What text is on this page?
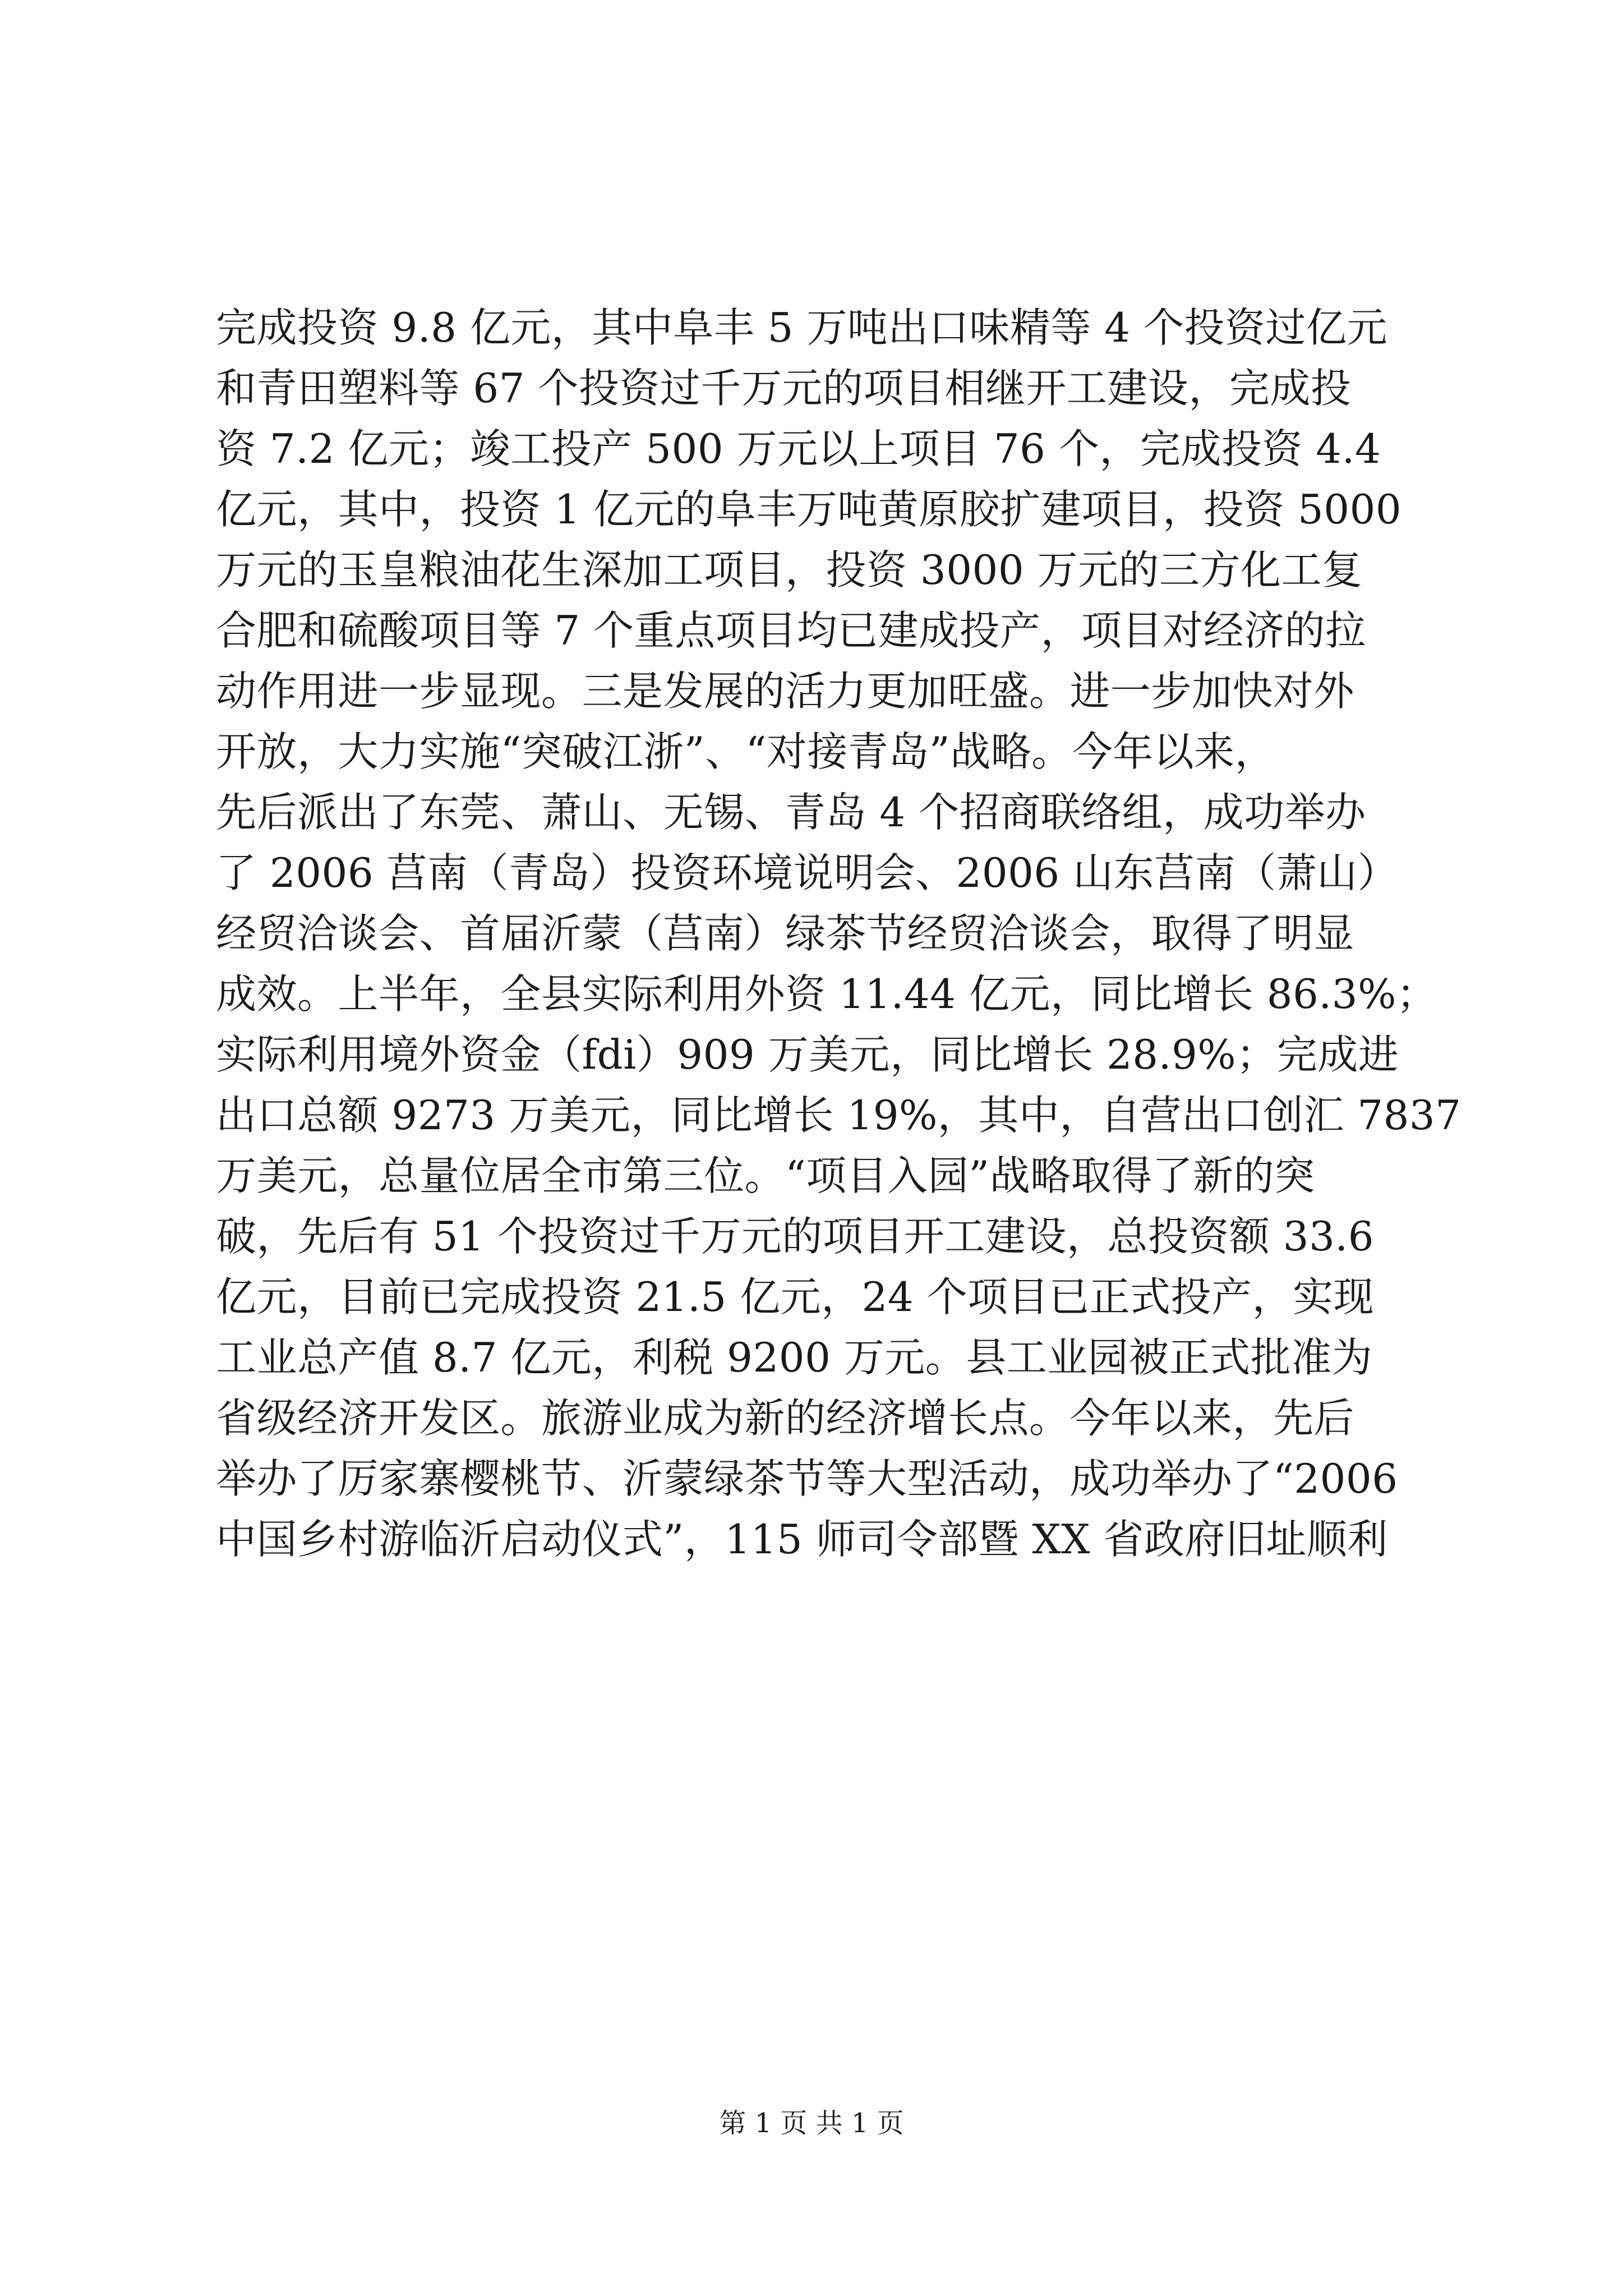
完成投资 9.8 亿元，其中阜丰 5 万吨出口味精等 4 个投资过亿元
和青田塑料等 67 个投资过千万元的项目相继开工建设，完成投
资 7.2 亿元；竣工投产 500 万元以上项目 76 个，完成投资 4.4
亿元，其中，投资 1 亿元的阜丰万吨黄原胶扩建项目，投资 5000
万元的玉皇粮油花生深加工项目，投资 3000 万元的三方化工复
合肥和硫酸项目等 7 个重点项目均已建成投产，项目对经济的拉
动作用进一步显现。三是发展的活力更加旺盛。进一步加快对外
开放，大力实施“突破江浙”、“对接青岛”战略。今年以来，
先后派出了东莞、萧山、无锡、青岛 4 个招商联络组，成功举办
了 2006 莒南（青岛）投资环境说明会、2006 山东莒南（萧山）
经贸洽谈会、首届沂蒙（莒南）绿茶节经贸洽谈会，取得了明显
成效。上半年，全县实际利用外资 11.44 亿元，同比增长 86.3%；
实际利用境外资金（fdi）909 万美元，同比增长 28.9%；完成进
出口总额 9273 万美元，同比增长 19%，其中，自营出口创汇 7837
万美元，总量位居全市第三位。“项目入园”战略取得了新的突
破，先后有 51 个投资过千万元的项目开工建设，总投资额 33.6
亿元，目前已完成投资 21.5 亿元，24 个项目已正式投产，实现
工业总产值 8.7 亿元，利税 9200 万元。县工业园被正式批准为
省级经济开发区。旅游业成为新的经济增长点。今年以来，先后
举办了厉家寨樱桃节、沂蒙绿茶节等大型活动，成功举办了“2006
中国乡村游临沂启动仪式”，115 师司令部暨 XX 省政府旧址顺利
第 1 页 共 1 页
